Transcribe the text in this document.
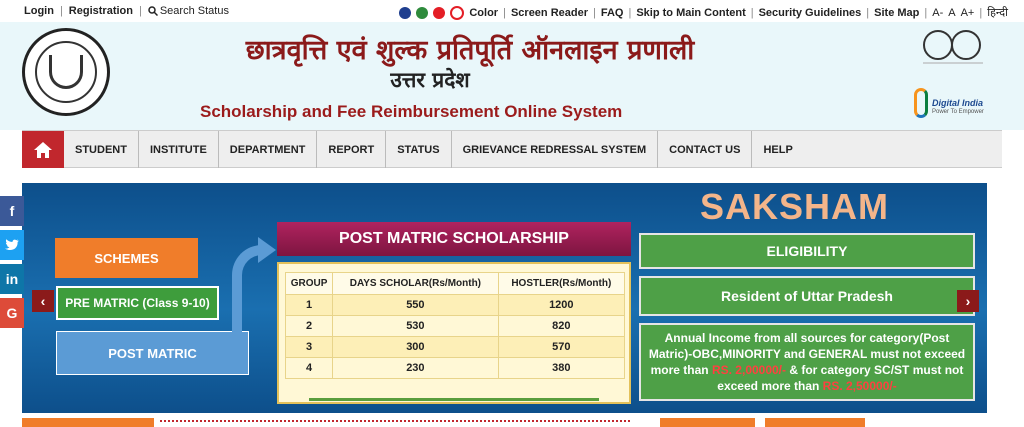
Login | Registration | Search Status	Color | Screen Reader | FAQ | Skip to Main Content | Security Guidelines | Site Map | A- A A+ | हिन्दी
छात्रवृत्ति एवं शुल्क प्रतिपूर्ति ऑनलाइन प्रणाली
उत्तर प्रदेश
Scholarship and Fee Reimbursement Online System	Digital India
Power To Empower
STUDENT	INSTITUTE	DEPARTMENT	REPORT	STATUS	GRIEVANCE REDRESSAL SYSTEM	CONTACT US	HELP
SAKSHAM
SCHEMES
PRE MATRIC (Class 9-10)
POST MATRIC
POST MATRIC SCHOLARSHIP
GROUP	DAYS SCHOLAR(Rs/Month)	HOSTLER(Rs/Month)
1	550	1200
2	530	820
3	300	570
4	230	380
ELIGIBILITY
Resident of Uttar Pradesh
Annual Income from all sources for category(Post Matric)-OBC,MINORITY and GENERAL must not exceed more than RS. 2,00000/- & for category SC/ST must not exceed more than RS. 2,50000/-
‹	›
f
in
G
